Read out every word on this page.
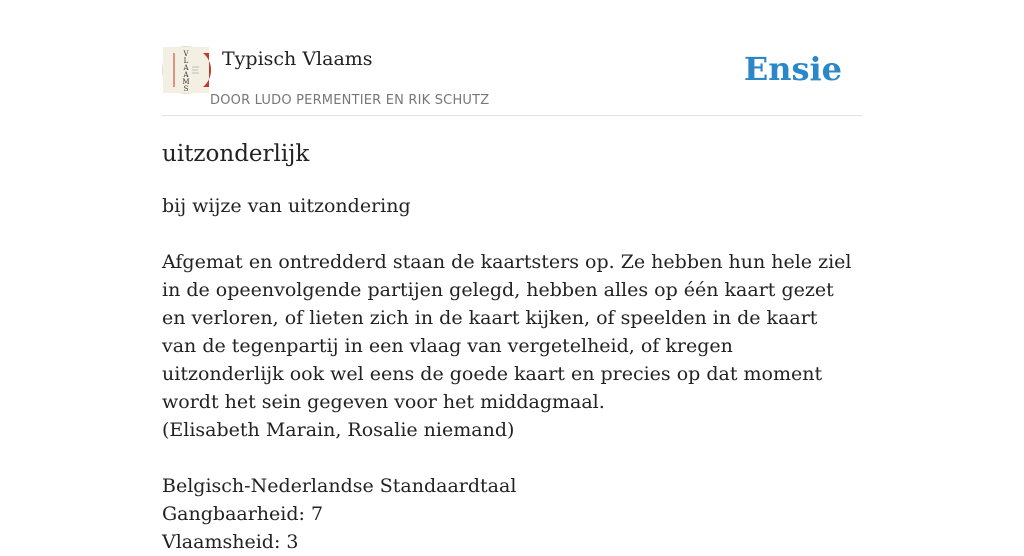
V
L
A
A
M
S
Typisch Vlaams
DOOR LUDO PERMENTIER EN RIK SCHUTZ
Ensie
uitzonderlijk

bij wijze van uitzondering

Afgemat en ontredderd staan de kaartsters op. Ze hebben hun hele ziel in de opeenvolgende partijen gelegd, hebben alles op één kaart gezet en verloren, of lieten zich in de kaart kijken, of speelden in de kaart van de tegenpartij in een vlaag van vergetelheid, of kregen uitzonderlijk ook wel eens de goede kaart en precies op dat moment wordt het sein gegeven voor het middagmaal.
(Elisabeth Marain, Rosalie niemand)
Belgisch-Nederlandse Standaardtaal
Gangbaarheid: 7
Vlaamsheid: 3
